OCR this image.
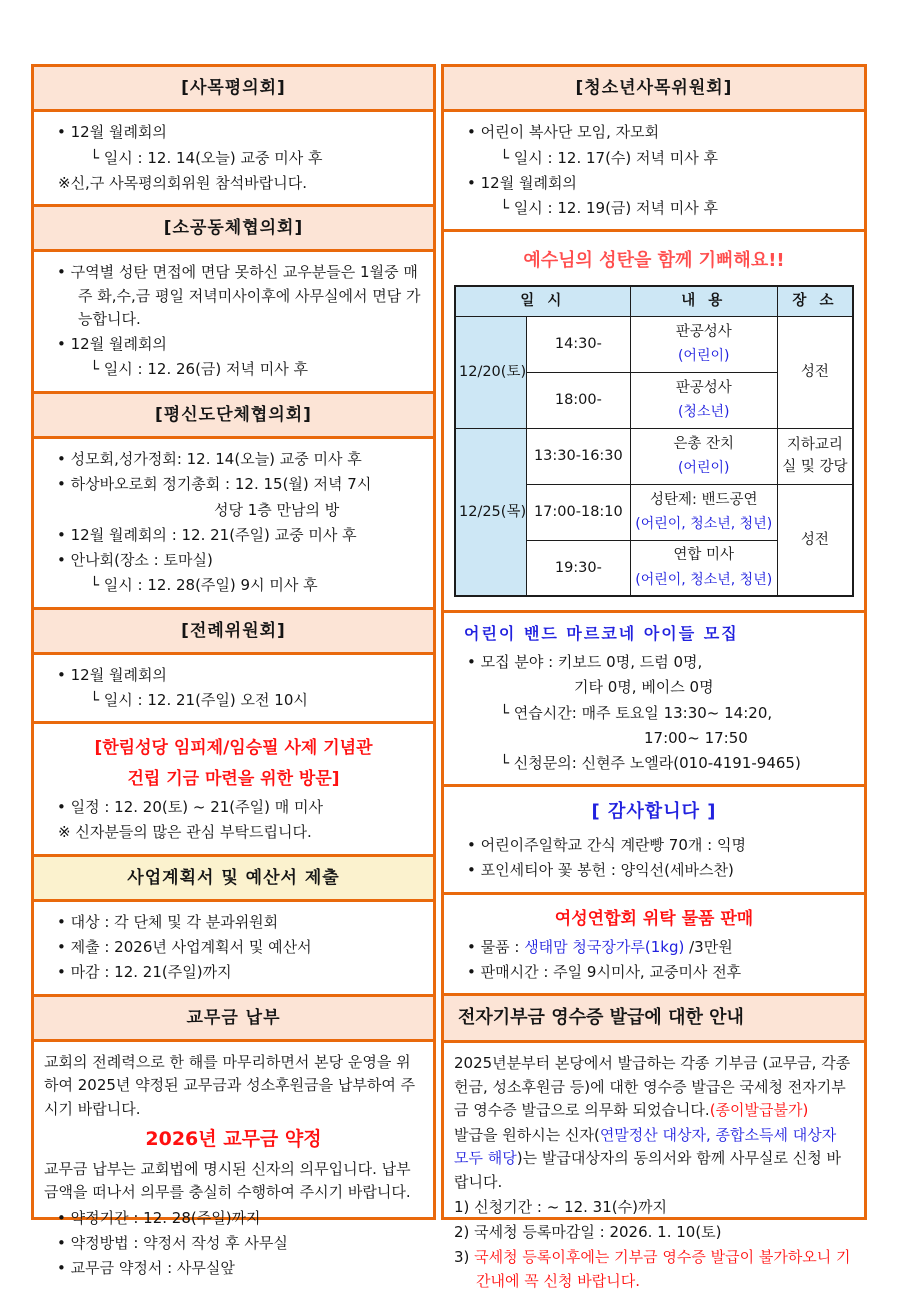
[사목평의회]
• 12월 월례회의
└ 일시 : 12. 14(오늘) 교중 미사 후
※신,구 사목평의회위원 참석바랍니다.
[소공동체협의회]
• 구역별 성탄 면접에 면담 못하신 교우분들은 1월중 매주 화,수,금 평일 저녁미사이후에 사무실에서 면담 가능합니다.
• 12월 월례회의
└ 일시 : 12. 26(금) 저녁 미사 후
[평신도단체협의회]
• 성모회,성가정회: 12. 14(오늘) 교중 미사 후
• 하상바오로회 정기총회 : 12. 15(월) 저녁 7시
성당 1층 만남의 방
• 12월 월례회의 : 12. 21(주일) 교중 미사 후
• 안나회(장소 : 토마실)
└ 일시 : 12. 28(주일) 9시 미사 후
[전례위원회]
• 12월 월례회의
└ 일시 : 12. 21(주일) 오전 10시
[한림성당 임피제/임승필 사제 기념관
건립 기금 마련을 위한 방문]
• 일정 : 12. 20(토) ~ 21(주일) 매 미사
※ 신자분들의 많은 관심 부탁드립니다.
사업계획서 및 예산서 제출
• 대상 : 각 단체 및 각 분과위원회
• 제출 : 2026년 사업계획서 및 예산서
• 마감 : 12. 21(주일)까지
교무금 납부
교회의 전례력으로 한 해를 마무리하면서 본당 운영을 위하여 2025년 약정된 교무금과 성소후원금을 납부하여 주시기 바랍니다.
2026년 교무금 약정
교무금 납부는 교회법에 명시된 신자의 의무입니다. 납부금액을 떠나서 의무를 충실히 수행하여 주시기 바랍니다.
• 약정기간 : 12. 28(주일)까지
• 약정방법 : 약정서 작성 후 사무실
• 교무금 약정서 : 사무실앞
[청소년사목위원회]
• 어린이 복사단 모임, 자모회
└ 일시 : 12. 17(수) 저녁 미사 후
• 12월 월례회의
└ 일시 : 12. 19(금) 저녁 미사 후
예수님의 성탄을 함께 기뻐해요!!
일 시		내 용	장 소
12/20(토)	14:30-	판공성사
(어린이)	성전
	18:00-	판공성사
(청소년)	

12/25(목)	13:30-16:30	은총 잔치
(어린이)	지하교리실 및 강당
	17:00-18:10	성탄제: 밴드공연
(어린이, 청소년, 청년)	성전
	19:30-	연합 미사
(어린이, 청소년, 청년)	
어린이 밴드 마르코네 아이들 모집
• 모집 분야 : 키보드 0명, 드럼 0명,
기타 0명, 베이스 0명
└ 연습시간: 매주 토요일 13:30~ 14:20,
17:00~ 17:50
└ 신청문의: 신현주 노엘라(010-4191-9465)
[ 감사합니다 ]
• 어린이주일학교 간식 계란빵 70개 : 익명
• 포인세티아 꽃 봉헌 : 양익선(세바스찬)
여성연합회 위탁 물품 판매
• 물품 : 생태맘 청국장가루(1kg) /3만원
• 판매시간 : 주일 9시미사, 교중미사 전후
전자기부금 영수증 발급에 대한 안내
2025년분부터 본당에서 발급하는 각종 기부금 (교무금, 각종 헌금, 성소후원금 등)에 대한 영수증 발급은 국세청 전자기부금 영수증 발급으로 의무화 되었습니다.(종이발급불가)
발급을 원하시는 신자(연말정산 대상자, 종합소득세 대상자 모두 해당)는 발급대상자의 동의서와 함께 사무실로 신청 바랍니다.
1) 신청기간 : ~ 12. 31(수)까지
2) 국세청 등록마감일 : 2026. 1. 10(토)
3) 국세청 등록이후에는 기부금 영수증 발급이 불가하오니 기간내에 꼭 신청 바랍니다.
